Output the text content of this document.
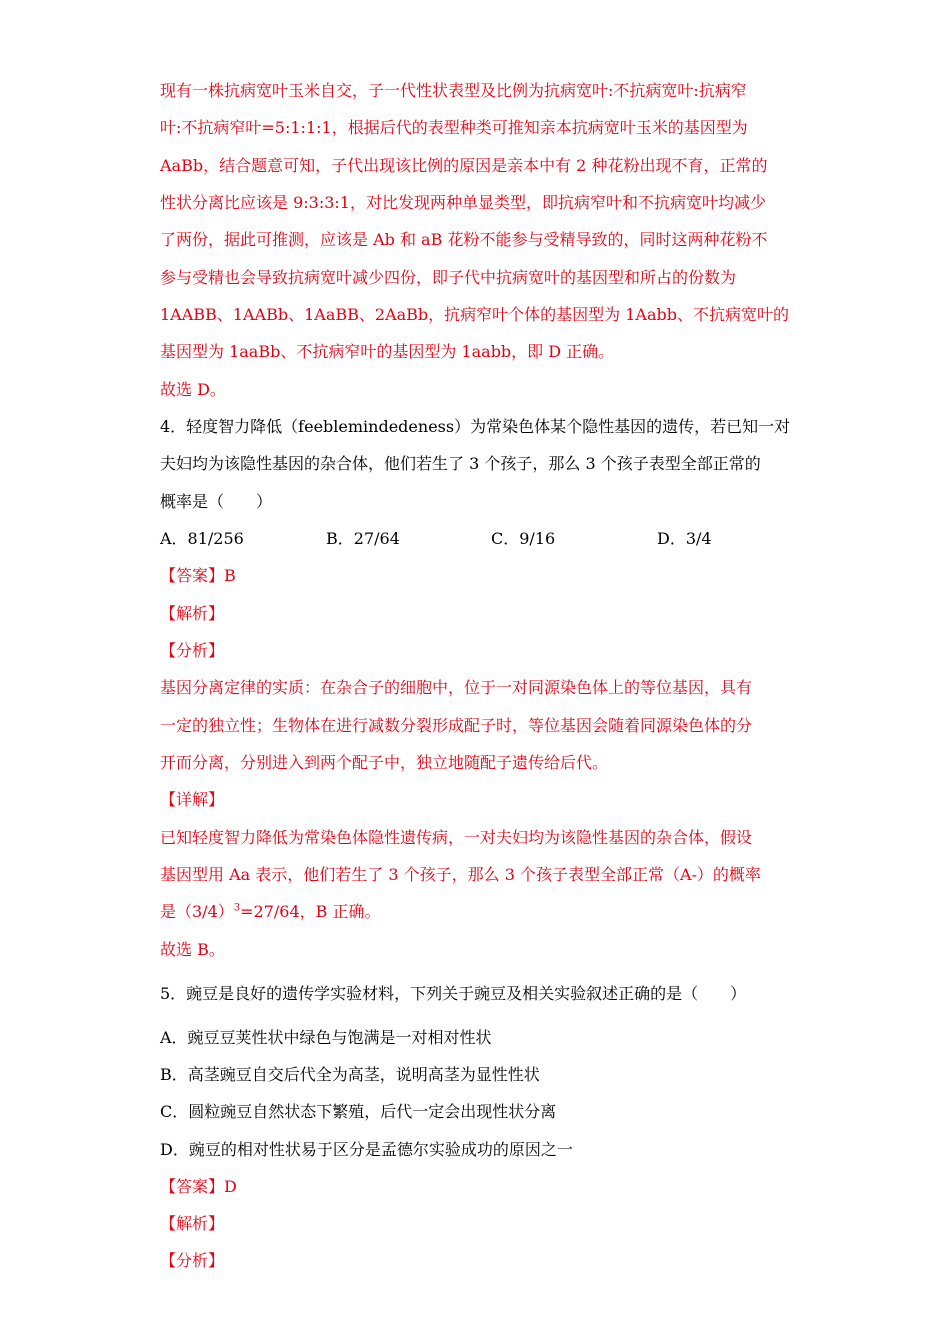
现有一株抗病宽叶玉米自交，子一代性状表型及比例为抗病宽叶:不抗病宽叶:抗病窄
叶:不抗病窄叶=5:1:1:1，根据后代的表型种类可推知亲本抗病宽叶玉米的基因型为
AaBb，结合题意可知，子代出现该比例的原因是亲本中有 2 种花粉出现不育，正常的
性状分离比应该是 9:3:3:1，对比发现两种单显类型，即抗病窄叶和不抗病宽叶均减少
了两份，据此可推测，应该是 Ab 和 aB 花粉不能参与受精导致的，同时这两种花粉不
参与受精也会导致抗病宽叶减少四份，即子代中抗病宽叶的基因型和所占的份数为
1AABB、1AABb、1AaBB、2AaBb，抗病窄叶个体的基因型为 1Aabb、不抗病宽叶的
基因型为 1aaBb、不抗病窄叶的基因型为 1aabb，即 D 正确。
故选 D。
4．轻度智力降低（feeblemindedeness）为常染色体某个隐性基因的遗传，若已知一对
夫妇均为该隐性基因的杂合体，他们若生了 3 个孩子，那么 3 个孩子表型全部正常的
概率是（　　）
A．81/256	B．27/64	C．9/16	D．3/4
【答案】B
【解析】
【分析】
基因分离定律的实质：在杂合子的细胞中，位于一对同源染色体上的等位基因，具有
一定的独立性；生物体在进行减数分裂形成配子时，等位基因会随着同源染色体的分
开而分离，分别进入到两个配子中，独立地随配子遗传给后代。
【详解】
已知轻度智力降低为常染色体隐性遗传病，一对夫妇均为该隐性基因的杂合体，假设
基因型用 Aa 表示，他们若生了 3 个孩子，那么 3 个孩子表型全部正常（A-）的概率
是$(3/4)^3=27/64$，B 正确。
故选 B。
5．豌豆是良好的遗传学实验材料，下列关于豌豆及相关实验叙述正确的是（　　）
A．豌豆豆荚性状中绿色与饱满是一对相对性状
B．高茎豌豆自交后代全为高茎，说明高茎为显性性状
C．圆粒豌豆自然状态下繁殖，后代一定会出现性状分离
D．豌豆的相对性状易于区分是孟德尔实验成功的原因之一
【答案】D
【解析】
【分析】
